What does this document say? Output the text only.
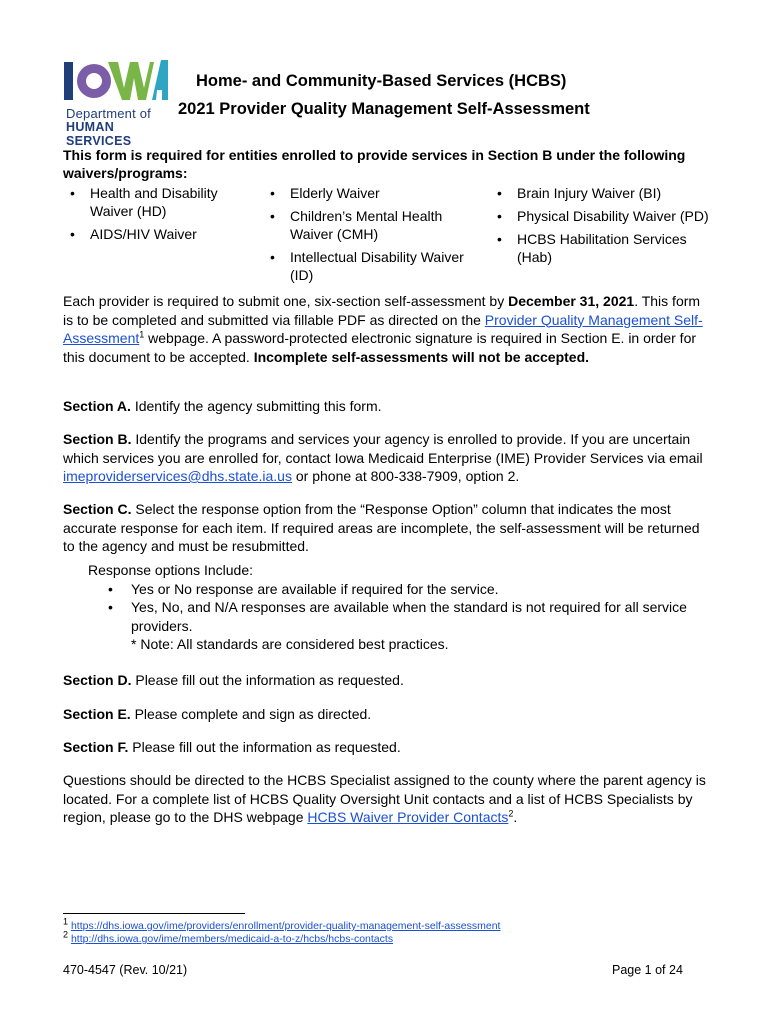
Department of
HUMAN SERVICES
Home- and Community-Based Services (HCBS)
2021 Provider Quality Management Self-Assessment
This form is required for entities enrolled to provide services in Section B under the following waivers/programs:
• Health and Disability Waiver (HD)
• AIDS/HIV Waiver
• Elderly Waiver
• Children’s Mental Health Waiver (CMH)
• Intellectual Disability Waiver (ID)
• Brain Injury Waiver (BI)
• Physical Disability Waiver (PD)
• HCBS Habilitation Services (Hab)
Each provider is required to submit one, six-section self-assessment by December 31, 2021. This form is to be completed and submitted via fillable PDF as directed on the Provider Quality Management Self-Assessment$^1$ webpage. A password-protected electronic signature is required in Section E. in order for this document to be accepted. Incomplete self-assessments will not be accepted.
Section A. Identify the agency submitting this form.
Section B. Identify the programs and services your agency is enrolled to provide. If you are uncertain which services you are enrolled for, contact Iowa Medicaid Enterprise (IME) Provider Services via email imeproviderservices@dhs.state.ia.us or phone at 800-338-7909, option 2.
Section C. Select the response option from the “Response Option” column that indicates the most accurate response for each item. If required areas are incomplete, the self-assessment will be returned to the agency and must be resubmitted.
Response options Include:
• Yes or No response are available if required for the service.
• Yes, No, and N/A responses are available when the standard is not required for all service providers.
* Note: All standards are considered best practices.
Section D. Please fill out the information as requested.
Section E. Please complete and sign as directed.
Section F. Please fill out the information as requested.
Questions should be directed to the HCBS Specialist assigned to the county where the parent agency is located. For a complete list of HCBS Quality Oversight Unit contacts and a list of HCBS Specialists by region, please go to the DHS webpage HCBS Waiver Provider Contacts$^2$.
$^1$ https://dhs.iowa.gov/ime/providers/enrollment/provider-quality-management-self-assessment
$^2$ http://dhs.iowa.gov/ime/members/medicaid-a-to-z/hcbs/hcbs-contacts
470-4547 (Rev. 10/21)	Page 1 of 24
